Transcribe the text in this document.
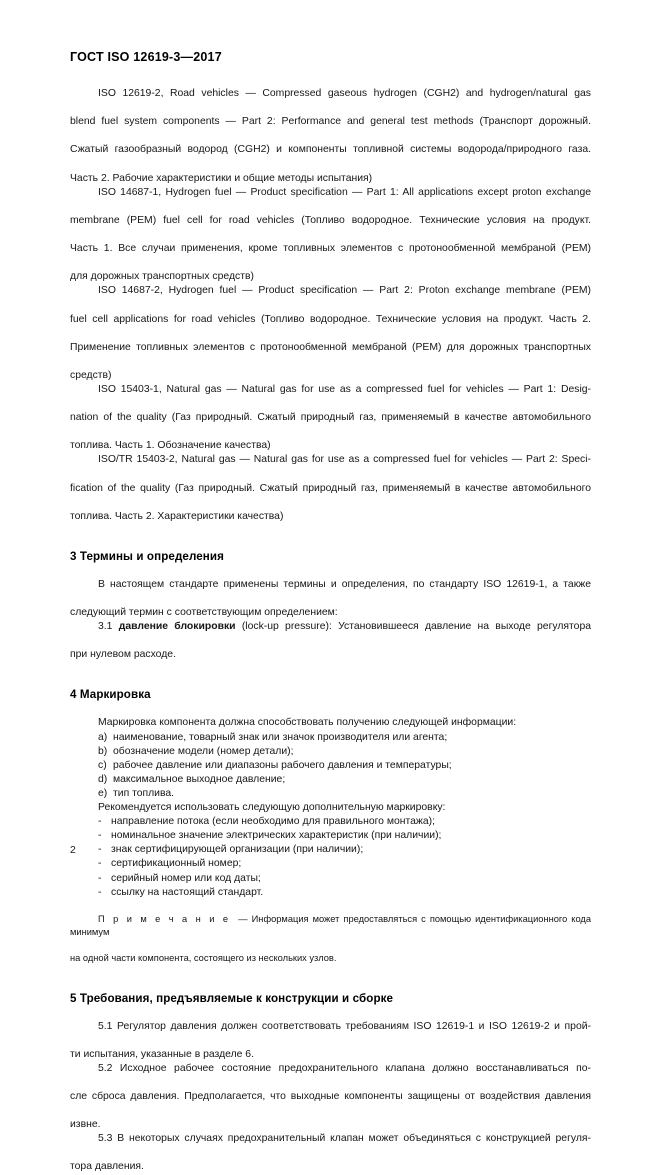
ГОСТ ISO 12619-3—2017

ISO 12619-2, Road vehicles — Compressed gaseous hydrogen (CGH2) and hydrogen/natural gas

blend fuel system components — Part 2: Performance and general test methods (Транспорт дорожный.

Сжатый газообразный водород (CGH2) и компоненты топливной системы водорода/природного газа.

Часть 2. Рабочие характеристики и общие методы испытания)

ISO 14687-1, Hydrogen fuel — Product specification — Part 1: All applications except proton exchange

membrane (PEM) fuel cell for road vehicles (Топливо водородное. Технические условия на продукт.

Часть 1. Все случаи применения, кроме топливных элементов с протонообменной мембраной (РЕМ)

для дорожных транспортных средств)

ISO 14687-2, Hydrogen fuel — Product specification — Part 2: Proton exchange membrane (PEM)

fuel cell applications for road vehicles (Топливо водородное. Технические условия на продукт. Часть 2.

Применение топливных элементов с протонообменной мембраной (РЕМ) для дорожных транспортных

средств)

ISO 15403-1, Natural gas — Natural gas for use as a compressed fuel for vehicles — Part 1: Desig-

nation of the quality (Газ природный. Сжатый природный газ, применяемый в качестве автомобильного

топлива. Часть 1. Обозначение качества)

ISO/TR 15403-2, Natural gas — Natural gas for use as a compressed fuel for vehicles — Part 2: Speci-

fication of the quality (Газ природный. Сжатый природный газ, применяемый в качестве автомобильного

топлива. Часть 2. Характеристики качества)

3 Термины и определения

В настоящем стандарте применены термины и определения, по стандарту ISO 12619-1, а также

следующий термин с соответствующим определением:

3.1 давление блокировки (lock-up pressure): Установившееся давление на выходе регулятора

при нулевом расходе.

4 Маркировка

Маркировка компонента должна способствовать получению следующей информации:

a) наименование, товарный знак или значок производителя или агента;

b) обозначение модели (номер детали);

c) рабочее давление или диапазоны рабочего давления и температуры;

d) максимальное выходное давление;

e) тип топлива.

Рекомендуется использовать следующую дополнительную маркировку:

- направление потока (если необходимо для правильного монтажа);

- номинальное значение электрических характеристик (при наличии);

- знак сертифицирующей организации (при наличии);

- сертификационный номер;

- серийный номер или код даты;

- ссылку на настоящий стандарт.

П р и м е ч а н и е — Информация может предоставляться с помощью идентификационного кода минимум

на одной части компонента, состоящего из нескольких узлов.

5 Требования, предъявляемые к конструкции и сборке

5.1 Регулятор давления должен соответствовать требованиям ISO 12619-1 и ISO 12619-2 и прой-

ти испытания, указанные в разделе 6.

5.2 Исходное рабочее состояние предохранительного клапана должно восстанавливаться по-

сле сброса давления. Предполагается, что выходные компоненты защищены от воздействия давления

извне.

5.3 В некоторых случаях предохранительный клапан может объединяться с конструкцией регуля-

тора давления.

2
